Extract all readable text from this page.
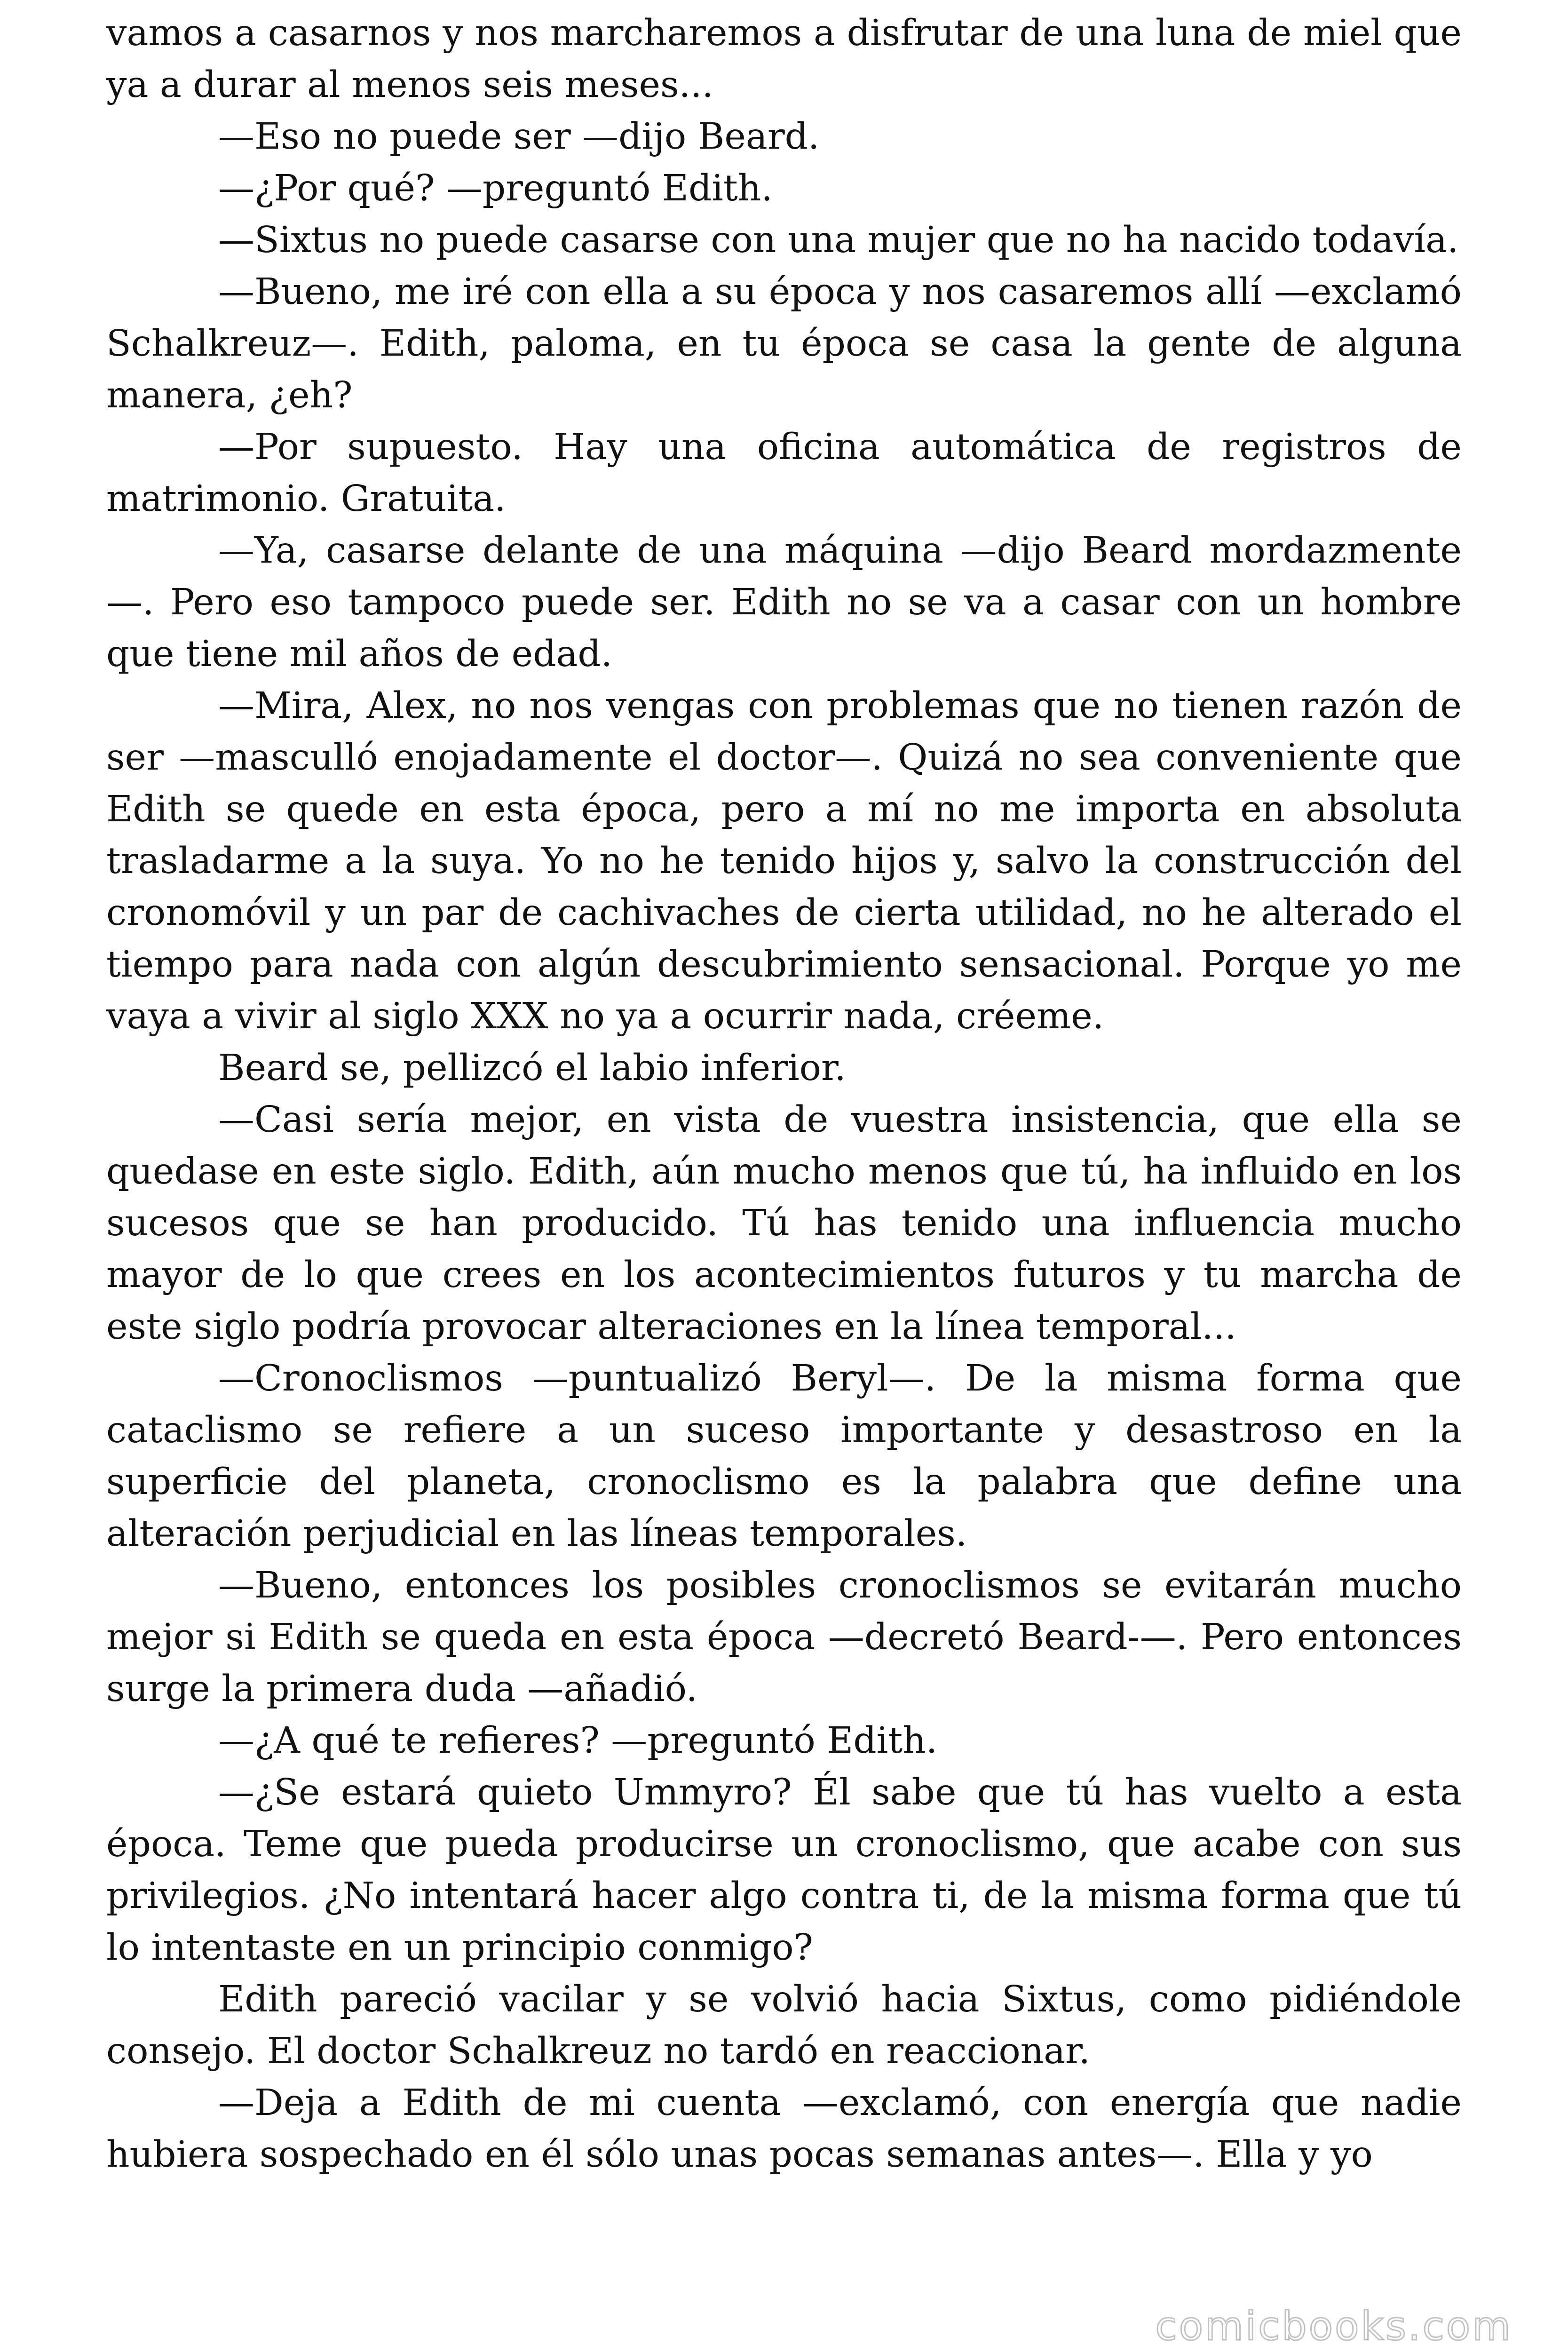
vamos a casarnos y nos marcharemos a disfrutar de una luna de miel que ya a durar al menos seis meses...

—Eso no puede ser —dijo Beard.

—¿Por qué? —preguntó Edith.

—Sixtus no puede casarse con una mujer que no ha nacido todavía.

—Bueno, me iré con ella a su época y nos casaremos allí —exclamó Schalkreuz—. Edith, paloma, en tu época se casa la gente de alguna manera, ¿eh?

—Por supuesto. Hay una oficina automática de registros de matrimonio. Gratuita.

—Ya, casarse delante de una máquina —dijo Beard mordazmente—. Pero eso tampoco puede ser. Edith no se va a casar con un hombre que tiene mil años de edad.

—Mira, Alex, no nos vengas con problemas que no tienen razón de ser —masculló enojadamente el doctor—. Quizá no sea conveniente que Edith se quede en esta época, pero a mí no me importa en absoluta trasladarme a la suya. Yo no he tenido hijos y, salvo la construcción del cronomóvil y un par de cachivaches de cierta utilidad, no he alterado el tiempo para nada con algún descubrimiento sensacional. Porque yo me vaya a vivir al siglo XXX no ya a ocurrir nada, créeme.

Beard se, pellizcó el labio inferior.

—Casi sería mejor, en vista de vuestra insistencia, que ella se quedase en este siglo. Edith, aún mucho menos que tú, ha influido en los sucesos que se han producido. Tú has tenido una influencia mucho mayor de lo que crees en los acontecimientos futuros y tu marcha de este siglo podría provocar alteraciones en la línea temporal...

—Cronoclismos —puntualizó Beryl—. De la misma forma que cataclismo se refiere a un suceso importante y desastroso en la superficie del planeta, cronoclismo es la palabra que define una alteración perjudicial en las líneas temporales.

—Bueno, entonces los posibles cronoclismos se evitarán mucho mejor si Edith se queda en esta época —decretó Beard-—. Pero entonces surge la primera duda —añadió.

—¿A qué te refieres? —preguntó Edith.

—¿Se estará quieto Ummyro? Él sabe que tú has vuelto a esta época. Teme que pueda producirse un cronoclismo, que acabe con sus privilegios. ¿No intentará hacer algo contra ti, de la misma forma que tú lo intentaste en un principio conmigo?

Edith pareció vacilar y se volvió hacia Sixtus, como pidiéndole consejo. El doctor Schalkreuz no tardó en reaccionar.

—Deja a Edith de mi cuenta —exclamó, con energía que nadie hubiera sospechado en él sólo unas pocas semanas antes—. Ella y yo

comicbooks.com
